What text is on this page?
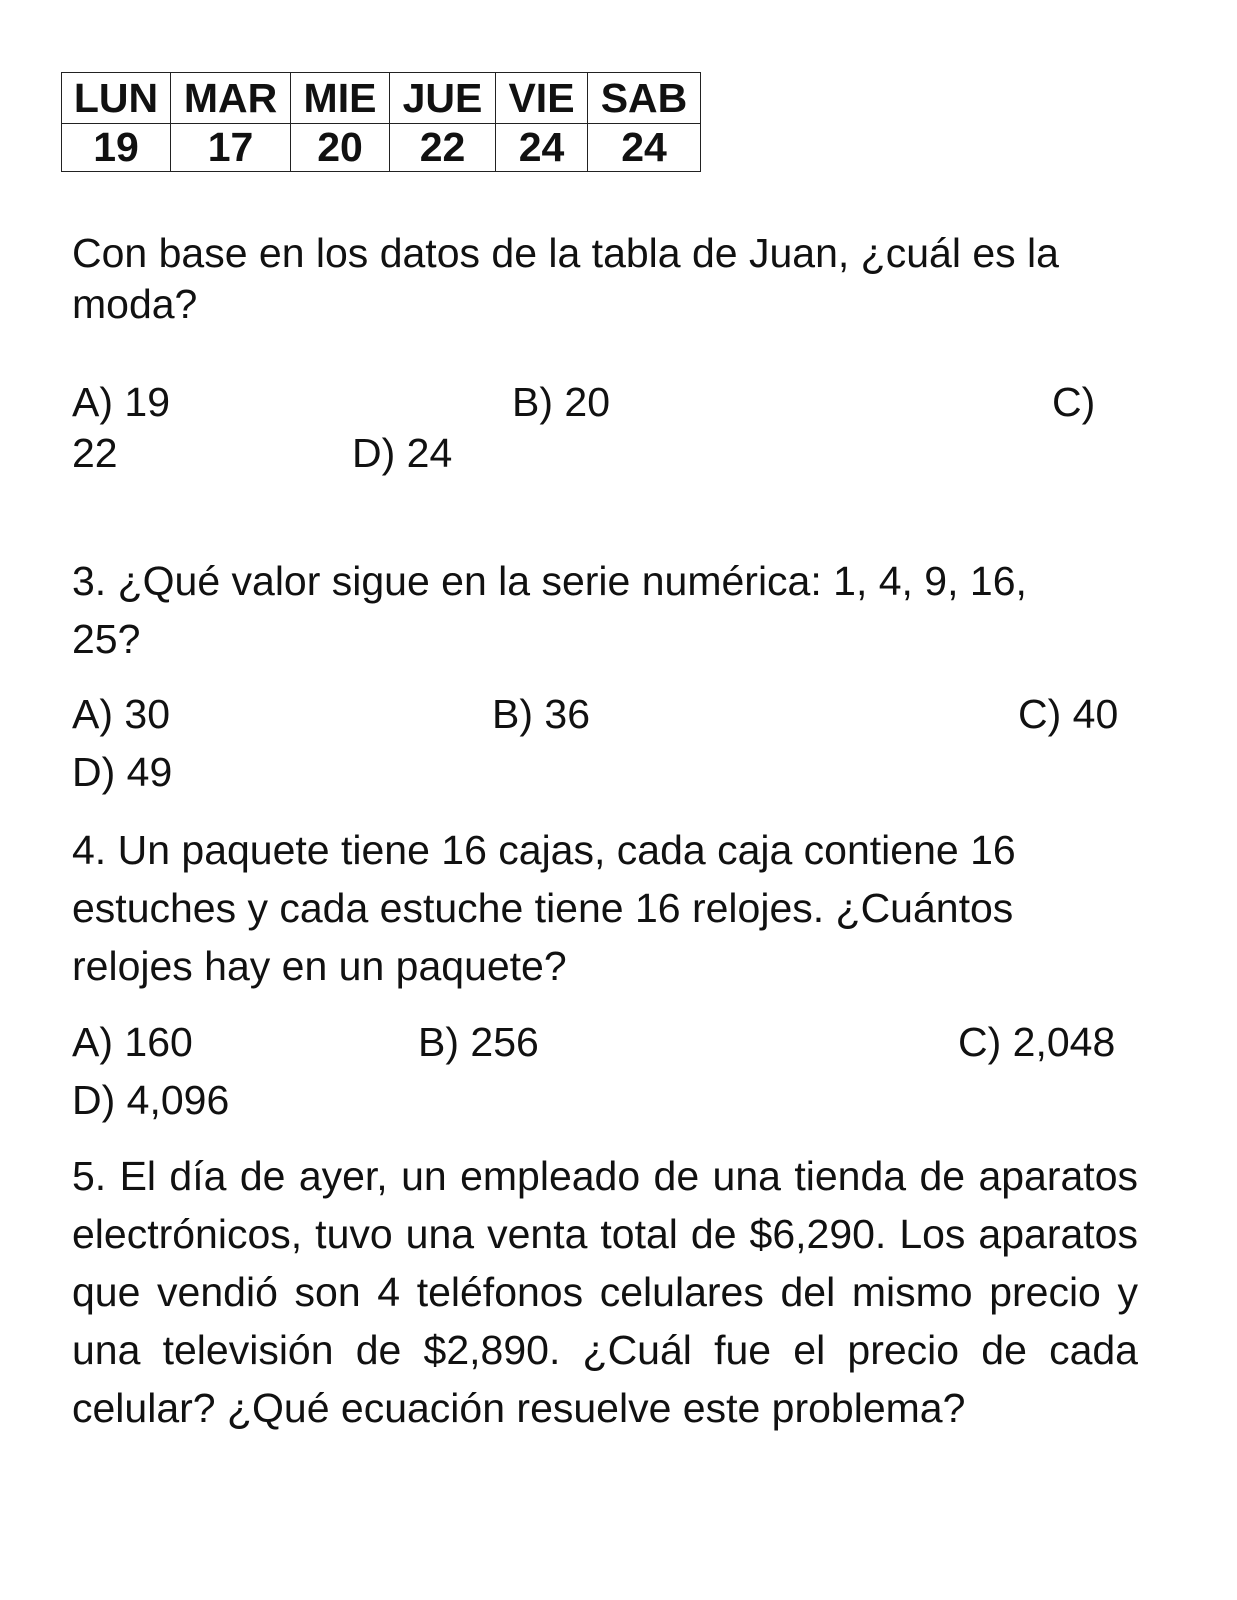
LUN	MAR	MIE	JUE	VIE	SAB
19	17	20	22	24	24
Con base en los datos de la tabla de Juan, ¿cuál es la
moda?
A) 19	B) 20	C)
22	D) 24
3. ¿Qué valor sigue en la serie numérica: 1, 4, 9, 16,
25?
A) 30	B) 36	C) 40
D) 49
4. Un paquete tiene 16 cajas, cada caja contiene 16
estuches y cada estuche tiene 16 relojes. ¿Cuántos
relojes hay en un paquete?
A) 160	B) 256	C) 2,048
D) 4,096
5. El día de ayer, un empleado de una tienda de aparatos electrónicos, tuvo una venta total de $6,290. Los aparatos que vendió son 4 teléfonos celulares del mismo precio y una televisión de $2,890. ¿Cuál fue el precio de cada celular? ¿Qué ecuación resuelve este problema?
